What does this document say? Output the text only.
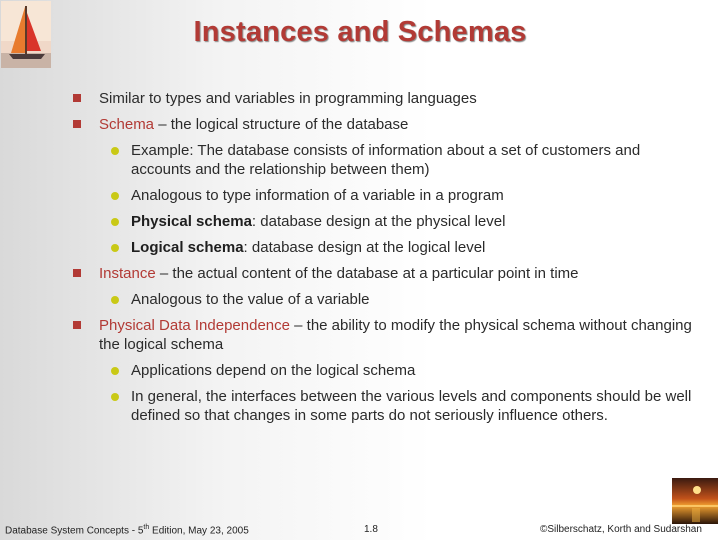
Instances and Schemas
Similar to types and variables in programming languages
Schema – the logical structure of the database
Example: The database consists of information about a set of customers and accounts and the relationship between them)
Analogous to type information of a variable in a program
Physical schema: database design at the physical level
Logical schema: database design at the logical level
Instance – the actual content of the database at a particular point in time
Analogous to the value of a variable
Physical Data Independence – the ability to modify the physical schema without changing the logical schema
Applications depend on the logical schema
In general, the interfaces between the various levels and components should be well defined so that changes in some parts do not seriously influence others.
Database System Concepts - 5th Edition, May 23, 2005	1.8	©Silberschatz, Korth and Sudarshan
